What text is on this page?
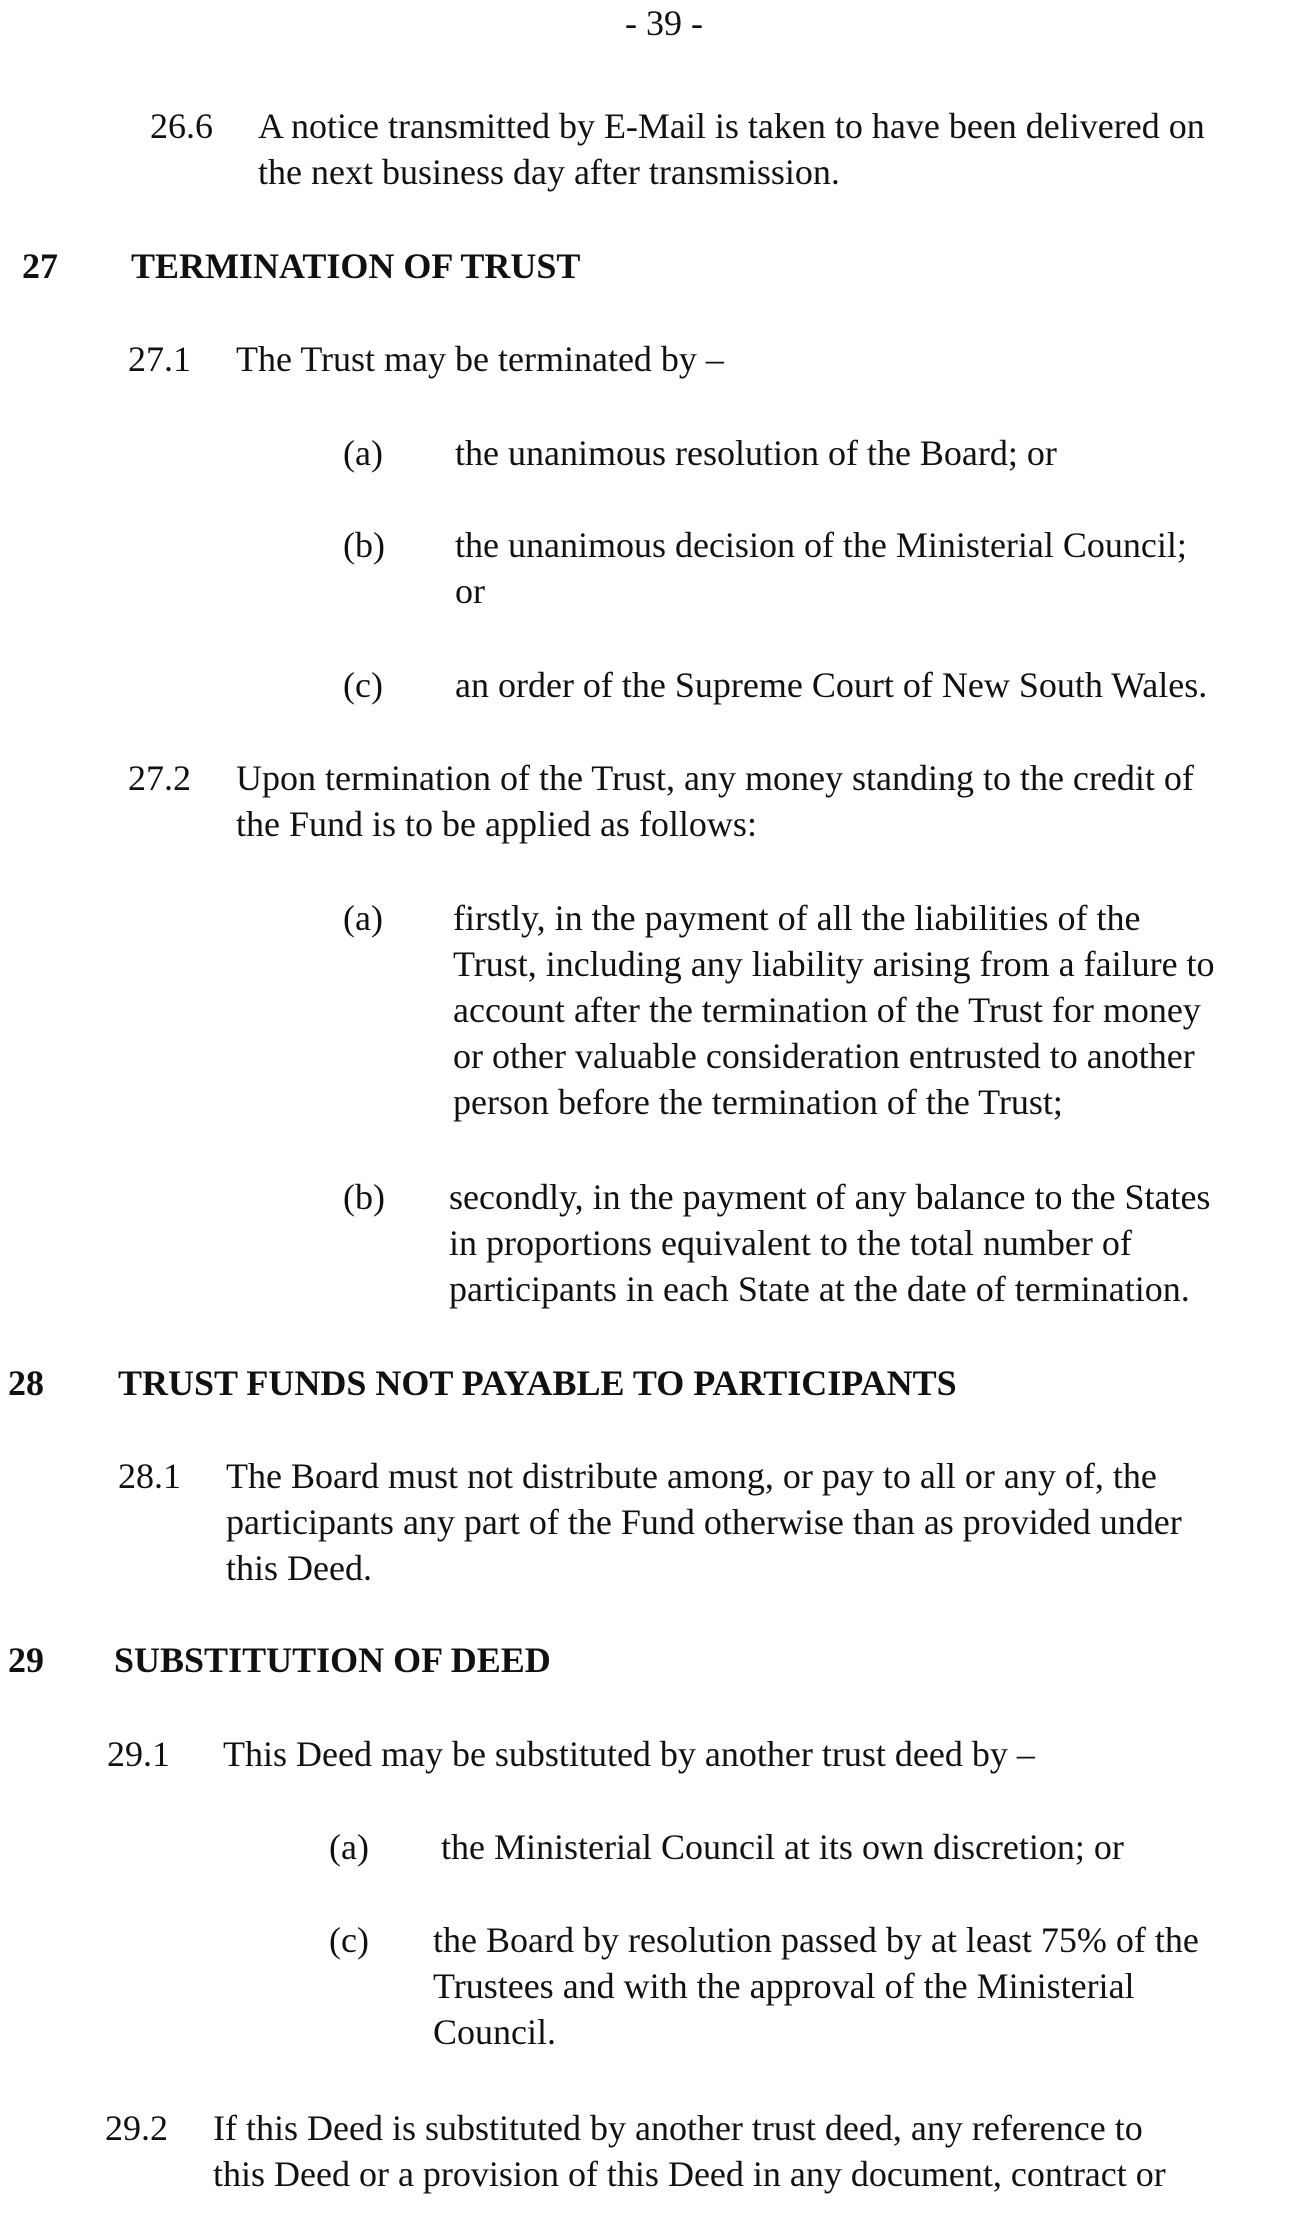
- 39 -
26.6 A notice transmitted by E-Mail is taken to have been delivered on
the next business day after transmission.
27 TERMINATION OF TRUST
27.1 The Trust may be terminated by –
(a) the unanimous resolution of the Board; or
(b) the unanimous decision of the Ministerial Council;
or
(c) an order of the Supreme Court of New South Wales.
27.2 Upon termination of the Trust, any money standing to the credit of
the Fund is to be applied as follows:
(a) firstly, in the payment of all the liabilities of the
Trust, including any liability arising from a failure to
account after the termination of the Trust for money
or other valuable consideration entrusted to another
person before the termination of the Trust;
(b) secondly, in the payment of any balance to the States
in proportions equivalent to the total number of
participants in each State at the date of termination.
28 TRUST FUNDS NOT PAYABLE TO PARTICIPANTS
28.1 The Board must not distribute among, or pay to all or any of, the
participants any part of the Fund otherwise than as provided under
this Deed.
29 SUBSTITUTION OF DEED
29.1 This Deed may be substituted by another trust deed by –
(a) the Ministerial Council at its own discretion; or
(c) the Board by resolution passed by at least 75% of the
Trustees and with the approval of the Ministerial
Council.
29.2 If this Deed is substituted by another trust deed, any reference to
this Deed or a provision of this Deed in any document, contract or
